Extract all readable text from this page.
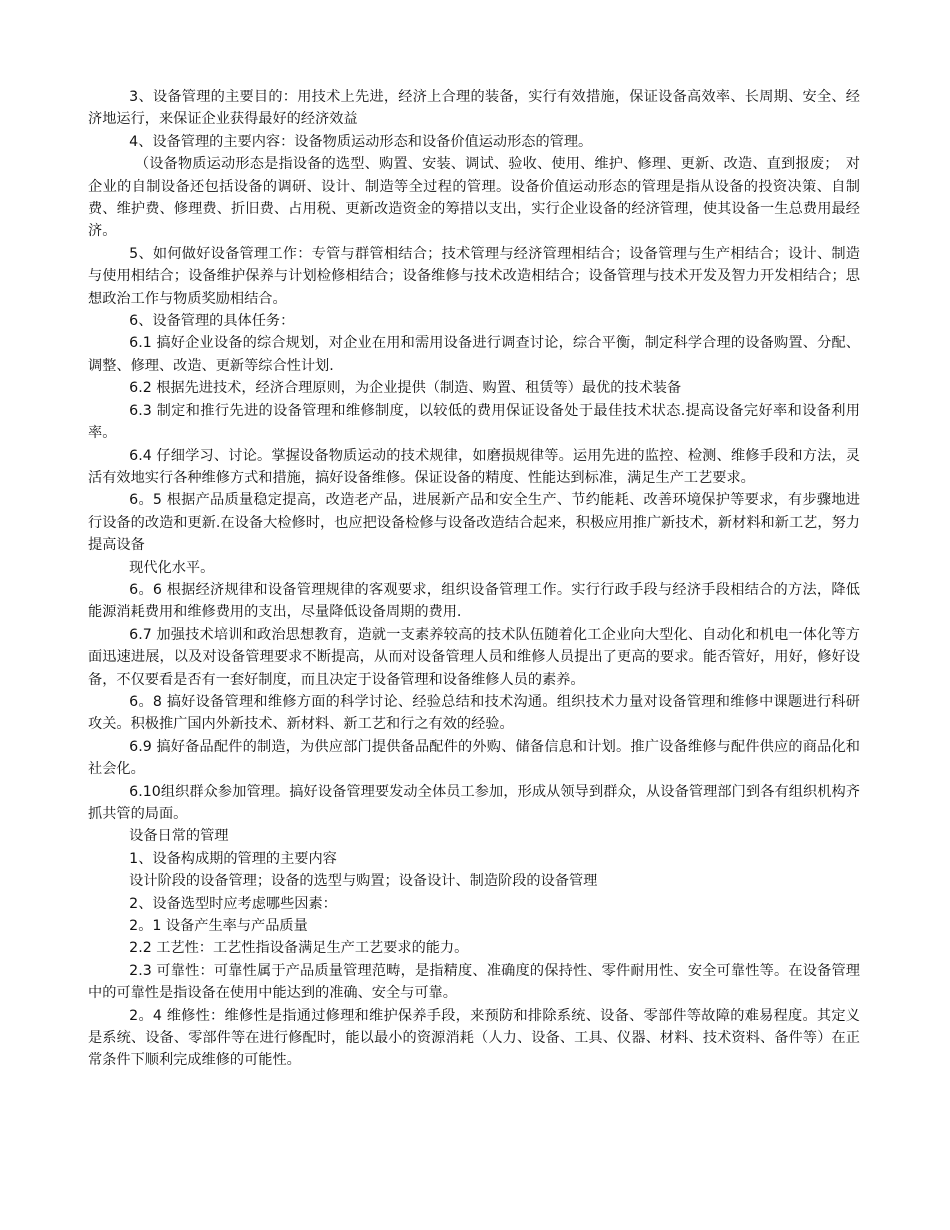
3、设备管理的主要目的：用技术上先进，经济上合理的装备，实行有效措施，保证设备高效率、长周期、安全、经济地运行，来保证企业获得最好的经济效益

4、设备管理的主要内容：设备物质运动形态和设备价值运动形态的管理。

（设备物质运动形态是指设备的选型、购置、安装、调试、验收、使用、维护、修理、更新、改造、直到报废；　对企业的自制设备还包括设备的调研、设计、制造等全过程的管理。设备价值运动形态的管理是指从设备的投资决策、自制费、维护费、修理费、折旧费、占用税、更新改造资金的筹措以支出，实行企业设备的经济管理，使其设备一生总费用最经济。

5、如何做好设备管理工作：专管与群管相结合；技术管理与经济管理相结合；设备管理与生产相结合；设计、制造与使用相结合；设备维护保养与计划检修相结合；设备维修与技术改造相结合；设备管理与技术开发及智力开发相结合；思想政治工作与物质奖励相结合。

6、设备管理的具体任务：

6.1 搞好企业设备的综合规划，对企业在用和需用设备进行调查讨论，综合平衡，制定科学合理的设备购置、分配、调整、修理、改造、更新等综合性计划.

6.2 根据先进技术，经济合理原则，为企业提供（制造、购置、租赁等）最优的技术装备

6.3 制定和推行先进的设备管理和维修制度，以较低的费用保证设备处于最佳技术状态.提高设备完好率和设备利用率。

6.4 仔细学习、讨论。掌握设备物质运动的技术规律，如磨损规律等。运用先进的监控、检测、维修手段和方法，灵活有效地实行各种维修方式和措施，搞好设备维修。保证设备的精度、性能达到标准，满足生产工艺要求。

6。5 根据产品质量稳定提高，改造老产品，进展新产品和安全生产、节约能耗、改善环境保护等要求，有步骤地进行设备的改造和更新.在设备大检修时，也应把设备检修与设备改造结合起来，积极应用推广新技术，新材料和新工艺，努力提高设备

现代化水平。

6。6 根据经济规律和设备管理规律的客观要求，组织设备管理工作。实行行政手段与经济手段相结合的方法，降低能源消耗费用和维修费用的支出，尽量降低设备周期的费用.

6.7 加强技术培训和政治思想教育，造就一支素养较高的技术队伍随着化工企业向大型化、自动化和机电一体化等方面迅速进展，以及对设备管理要求不断提高，从而对设备管理人员和维修人员提出了更高的要求。能否管好，用好，修好设备，不仅要看是否有一套好制度，而且决定于设备管理和设备维修人员的素养。

6。8 搞好设备管理和维修方面的科学讨论、经验总结和技术沟通。组织技术力量对设备管理和维修中课题进行科研攻关。积极推广国内外新技术、新材料、新工艺和行之有效的经验。

6.9 搞好备品配件的制造，为供应部门提供备品配件的外购、储备信息和计划。推广设备维修与配件供应的商品化和社会化。

6.10组织群众参加管理。搞好设备管理要发动全体员工参加，形成从领导到群众，从设备管理部门到各有组织机构齐抓共管的局面。

设备日常的管理

1、设备构成期的管理的主要内容

设计阶段的设备管理；设备的选型与购置；设备设计、制造阶段的设备管理

2、设备选型时应考虑哪些因素：

2。1 设备产生率与产品质量

2.2 工艺性：工艺性指设备满足生产工艺要求的能力。

2.3 可靠性：可靠性属于产品质量管理范畴，是指精度、准确度的保持性、零件耐用性、安全可靠性等。在设备管理中的可靠性是指设备在使用中能达到的准确、安全与可靠。

2。4 维修性：维修性是指通过修理和维护保养手段，来预防和排除系统、设备、零部件等故障的难易程度。其定义是系统、设备、零部件等在进行修配时，能以最小的资源消耗（人力、设备、工具、仪器、材料、技术资料、备件等）在正常条件下顺利完成维修的可能性。
